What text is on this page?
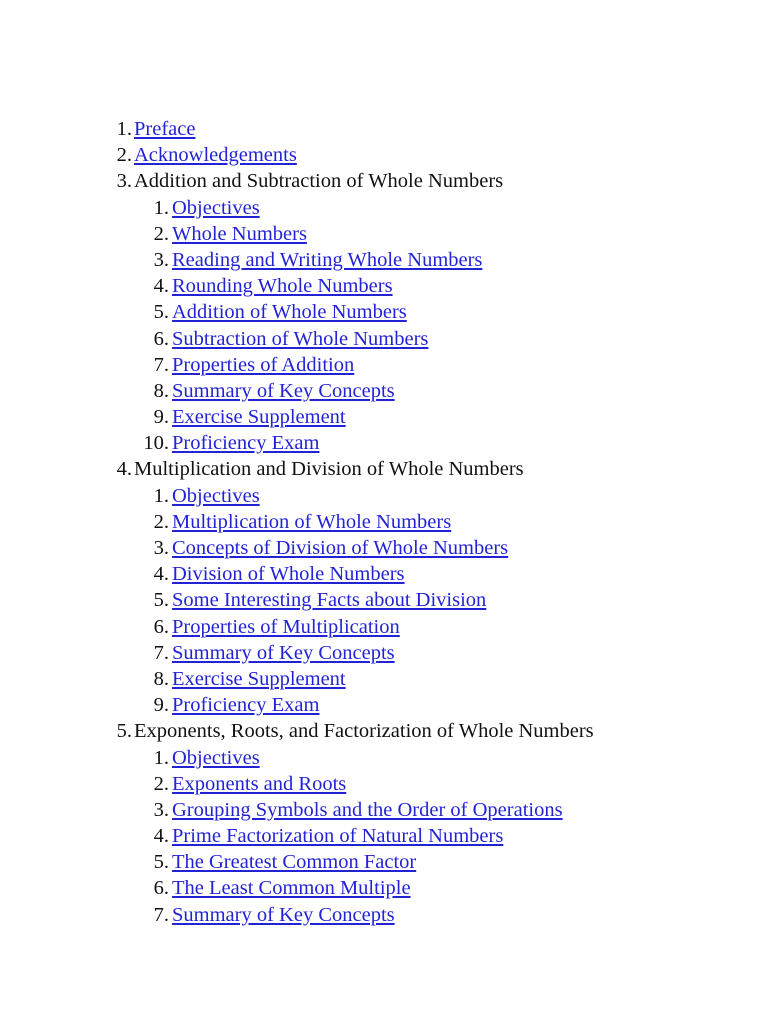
1. Preface
2. Acknowledgements
3. Addition and Subtraction of Whole Numbers
1. Objectives
2. Whole Numbers
3. Reading and Writing Whole Numbers
4. Rounding Whole Numbers
5. Addition of Whole Numbers
6. Subtraction of Whole Numbers
7. Properties of Addition
8. Summary of Key Concepts
9. Exercise Supplement
10. Proficiency Exam
4. Multiplication and Division of Whole Numbers
1. Objectives
2. Multiplication of Whole Numbers
3. Concepts of Division of Whole Numbers
4. Division of Whole Numbers
5. Some Interesting Facts about Division
6. Properties of Multiplication
7. Summary of Key Concepts
8. Exercise Supplement
9. Proficiency Exam
5. Exponents, Roots, and Factorization of Whole Numbers
1. Objectives
2. Exponents and Roots
3. Grouping Symbols and the Order of Operations
4. Prime Factorization of Natural Numbers
5. The Greatest Common Factor
6. The Least Common Multiple
7. Summary of Key Concepts
